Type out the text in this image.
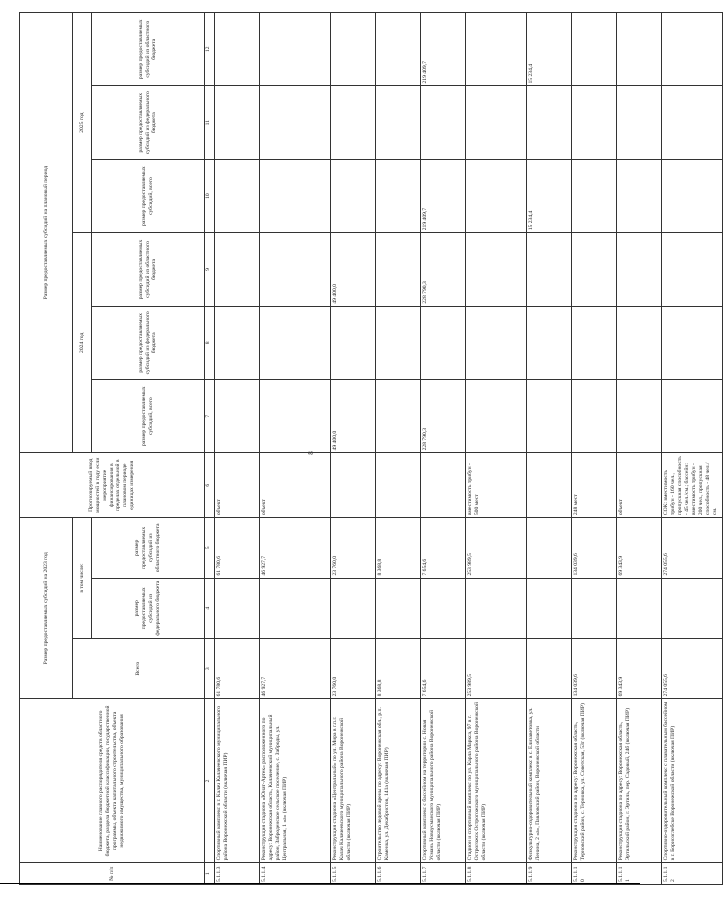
8
№ п/п	Наименование главного распорядителя средств областного бюджета, раздела бюджетной классификации, государственной программы, объекта капитального строительства, объекта недвижимого имущества, муниципального образования	Размер предоставляемых субсидий на 2023 год			Прогнозируемый ввод мощностей в году если мероприятие финансирования в пределах отдельной в плановом периоде единицах измерения	Размер предоставляемых субсидий на плановый период					
		Всего	в том числе:			2024 год			2025 год		
			размер предоставляемых субсидий из федерального бюджета	размер предоставляемых субсидий из областного бюджета		размер предоставляемых субсидий, всего	размер предоставляемых субсидий из федерального бюджета	размер предоставляемых субсидий из областного бюджета	размер предоставляемых субсидий, всего	размер предоставляемых субсидий из федерального бюджета	размер предоставляемых субсидий из областного бюджета
1	2	3	4	5	6	7	8	9	10	11	12
5.1.1.3	Спортивный комплекс в г. Калач Калачеевского муниципального района Воронежской области (включая ПИР)	61 780,6		61 780,6	объект						
5.1.1.4	Реконструкция стадиона «Юнат-Артек» расположенного по адресу: Воронежская область, Калачеевский муниципальный район, Заброденское сельское поселение, с. Заброды, ул. Центральная, 1 «а» (включая ПИР)	46 927,7		46 927,7	объект						
5.1.1.5	Реконструкция стадиона «Центральный» по ул. Мира в г.п.г. Калач Калачеевского муниципального района Воронежской области (включая ПИР)	23 760,0		23 760,0		49 400,0		49 400,0			
5.1.1.6	Строительство ледовой арены по адресу: Воронежская обл., р.п. Каменка, ул. Декабристов, 141а (включая ПИР)	8 368,8		8 368,8							
5.1.1.7	Спортивный комплекс с бассейном на территории с. Новая Усмань Новоусманского муниципального района Воронежской области (включая ПИР)	7 654,6		7 654,6		228 790,3		228 790,3	219 409,7		219 409,7
5.1.1.8	Стадион и спортивный комплекс по ул. Карла Маркса, 97 в г. Острогожск Острогожского муниципального района Воронежской области (включая ПИР)	253 989,5		253 989,5	вместимость трибун - 500 мест						
5.1.1.9	Физкультурно-оздоровительный комплекс в с. Елизаветовка, ул. Ленина, 2 «а», Павловский район, Воронежской области								15 234,4		15 234,4
5.1.1.10	Реконструкция стадиона по адресу: Воронежская область, Терновский район, с. Терновка, ул. Советская, 53г (включая ПИР)	134 039,6		134 039,6	248 мест						
5.1.1.11	Реконструкция стадиона по адресу: Воронежская область, Эртильский район, г. Эртиль, пер. Садовый, 24б (включая ПИР)	69 343,9		69 343,9	объект						
5.1.1.12	Спортивно-оздоровительный комплекс с плавательным бассейном в г. Борисоглебске Воронежской области (включая ПИР)	274 055,6		274 055,6	СОК: вместимость трибун - 160 чел., пропускная способность - 45 чел./см.; бассейн: вместимость трибун - 200 чел., пропускная способность - 48 чел./см.						
